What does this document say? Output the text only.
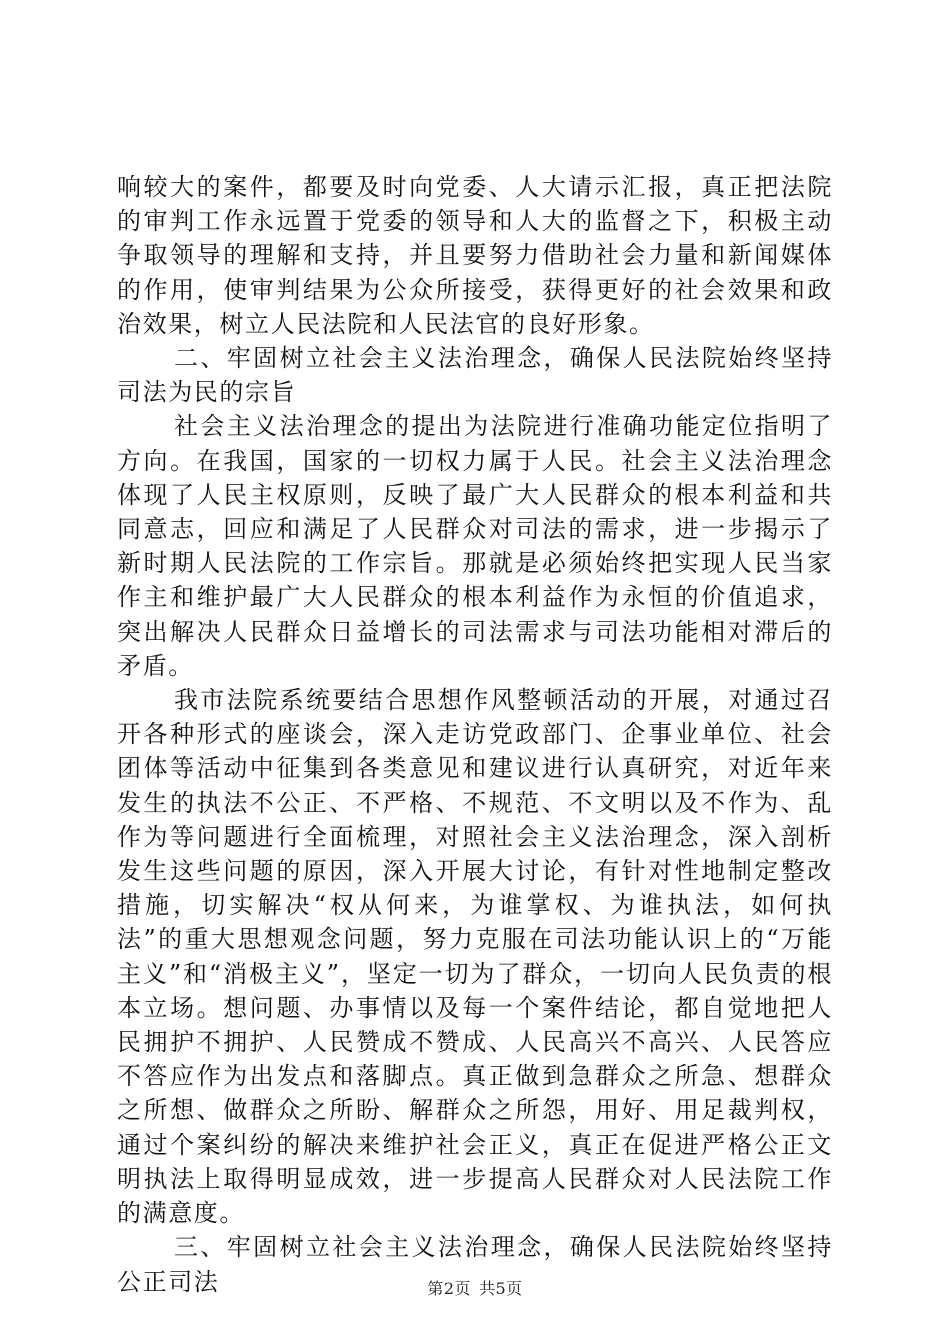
响较大的案件，都要及时向党委、人大请示汇报，真正把法院的审判工作永远置于党委的领导和人大的监督之下，积极主动争取领导的理解和支持，并且要努力借助社会力量和新闻媒体的作用，使审判结果为公众所接受，获得更好的社会效果和政治效果，树立人民法院和人民法官的良好形象。

二、牢固树立社会主义法治理念，确保人民法院始终坚持司法为民的宗旨

社会主义法治理念的提出为法院进行准确功能定位指明了方向。在我国，国家的一切权力属于人民。社会主义法治理念体现了人民主权原则，反映了最广大人民群众的根本利益和共同意志，回应和满足了人民群众对司法的需求，进一步揭示了新时期人民法院的工作宗旨。那就是必须始终把实现人民当家作主和维护最广大人民群众的根本利益作为永恒的价值追求，突出解决人民群众日益增长的司法需求与司法功能相对滞后的矛盾。

我市法院系统要结合思想作风整顿活动的开展，对通过召开各种形式的座谈会，深入走访党政部门、企事业单位、社会团体等活动中征集到各类意见和建议进行认真研究，对近年来发生的执法不公正、不严格、不规范、不文明以及不作为、乱作为等问题进行全面梳理，对照社会主义法治理念，深入剖析发生这些问题的原因，深入开展大讨论，有针对性地制定整改措施，切实解决“权从何来，为谁掌权、为谁执法，如何执法”的重大思想观念问题，努力克服在司法功能认识上的“万能主义”和“消极主义”，坚定一切为了群众，一切向人民负责的根本立场。想问题、办事情以及每一个案件结论，都自觉地把人民拥护不拥护、人民赞成不赞成、人民高兴不高兴、人民答应不答应作为出发点和落脚点。真正做到急群众之所急、想群众之所想、做群众之所盼、解群众之所怨，用好、用足裁判权，通过个案纠纷的解决来维护社会正义，真正在促进严格公正文明执法上取得明显成效，进一步提高人民群众对人民法院工作的满意度。

三、牢固树立社会主义法治理念，确保人民法院始终坚持公正司法	第2页 共5页
